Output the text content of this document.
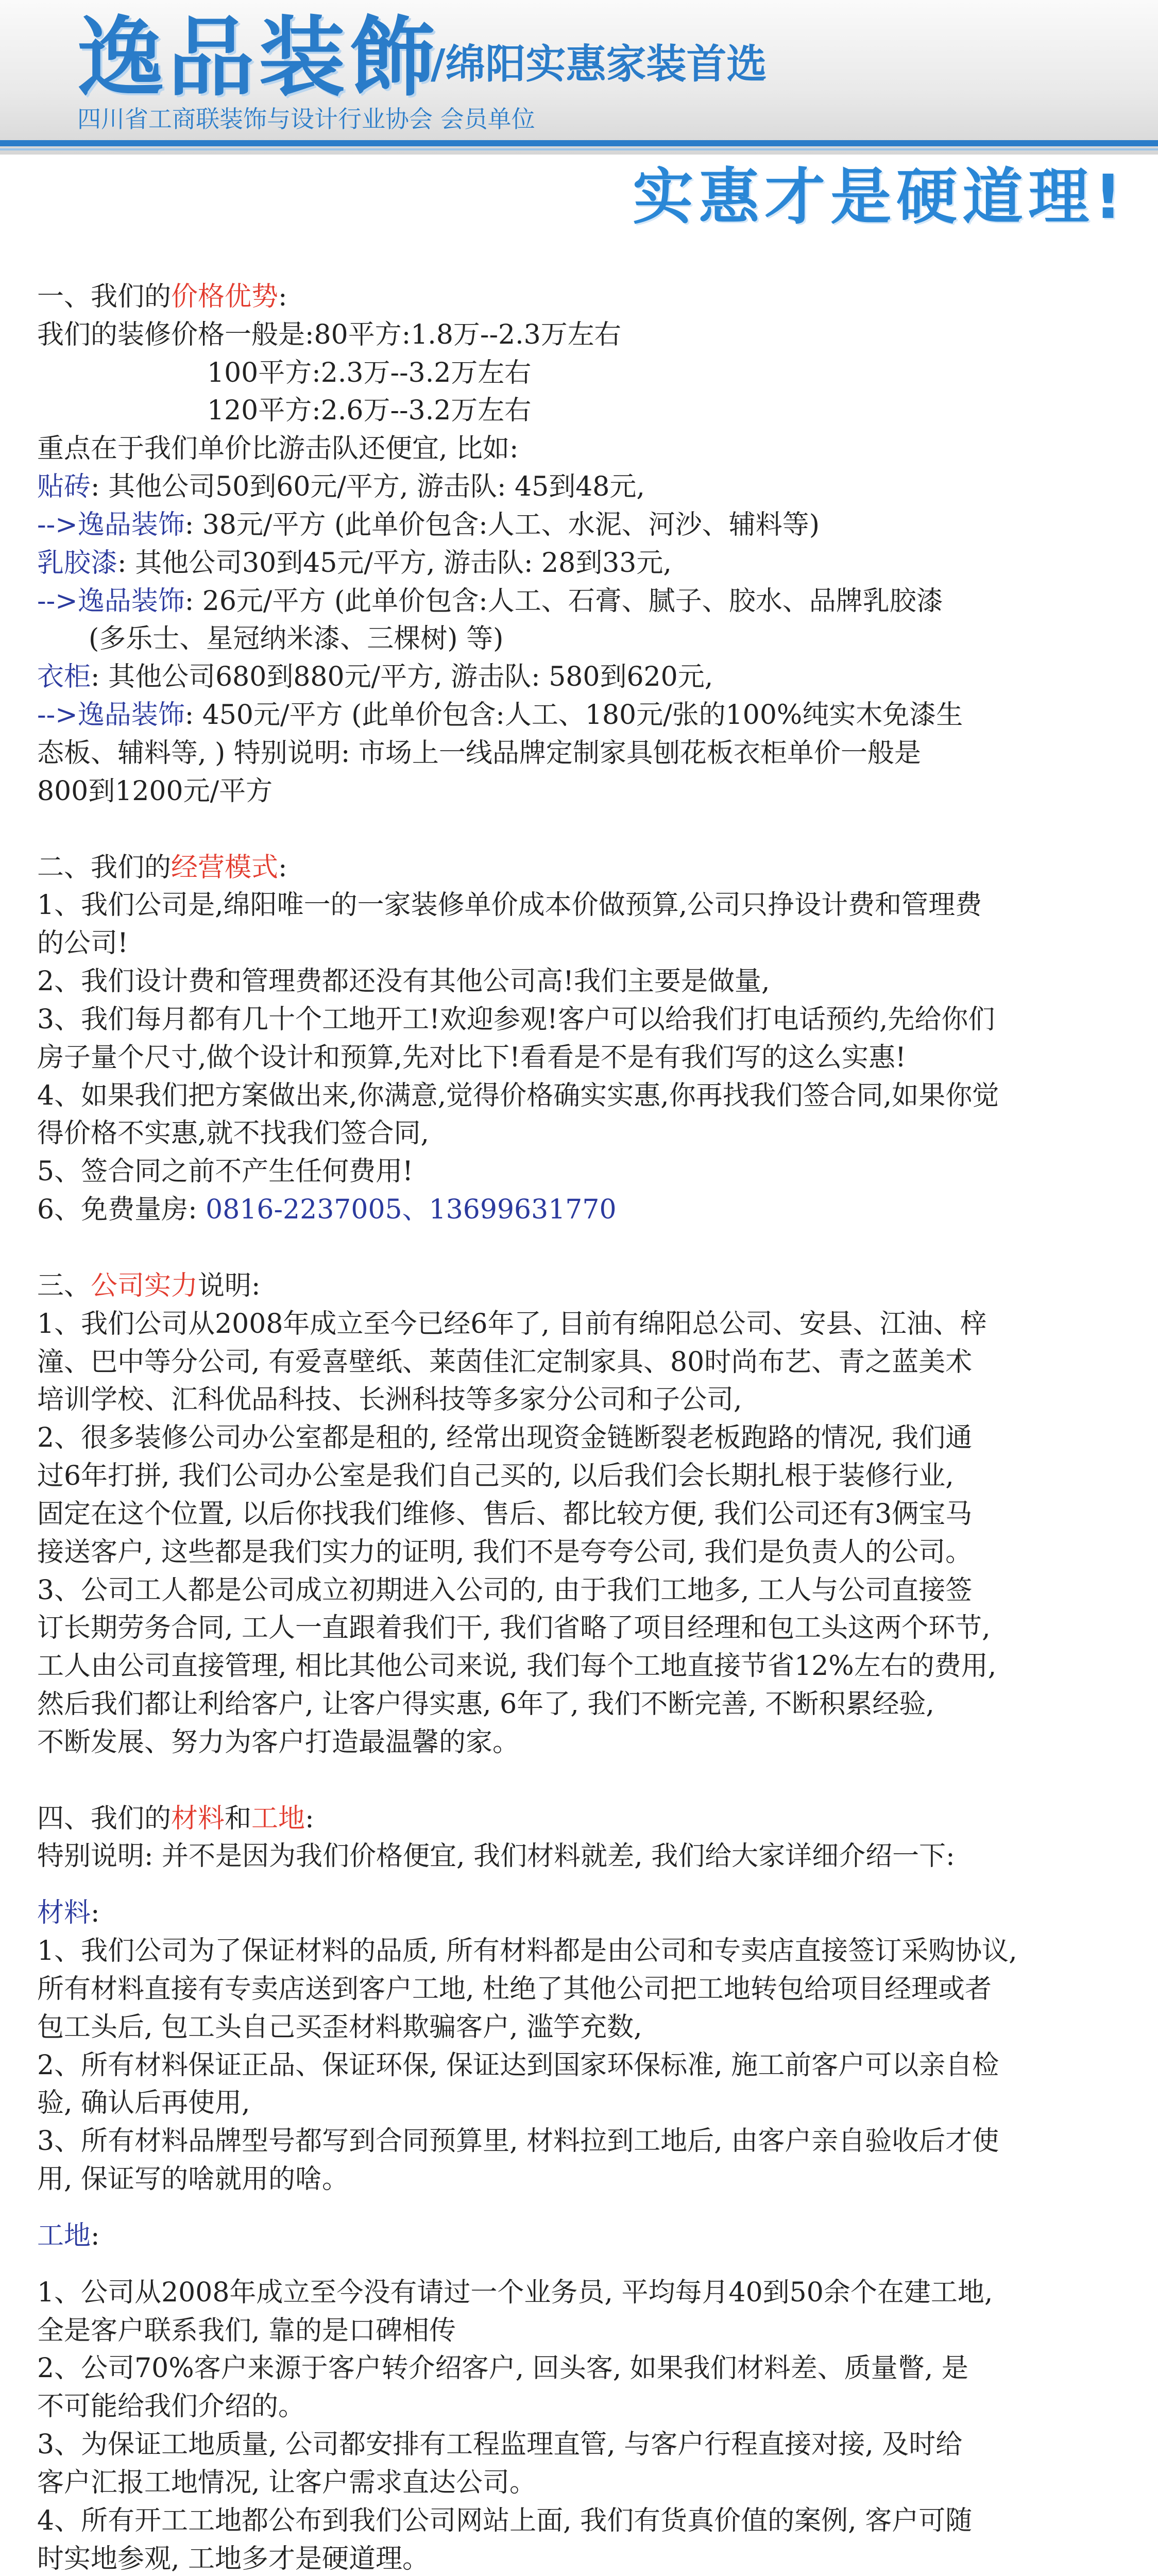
逸品装飾
/绵阳实惠家装首选
四川省工商联装饰与设计行业协会 会员单位
实惠才是硬道理!
一、我们的价格优势:
我们的装修价格一般是:80平方:1.8万--2.3万左右
100平方:2.3万--3.2万左右
120平方:2.6万--3.2万左右
重点在于我们单价比游击队还便宜, 比如:
贴砖: 其他公司50到60元/平方, 游击队: 45到48元,
-->逸品装饰: 38元/平方 (此单价包含:人工、水泥、河沙、辅料等)
乳胶漆: 其他公司30到45元/平方, 游击队: 28到33元,
-->逸品装饰: 26元/平方 (此单价包含:人工、石膏、腻子、胶水、品牌乳胶漆
(多乐士、星冠纳米漆、三棵树) 等)
衣柜: 其他公司680到880元/平方, 游击队: 580到620元,
-->逸品装饰: 450元/平方 (此单价包含:人工、180元/张的100%纯实木免漆生
态板、辅料等, ) 特别说明: 市场上一线品牌定制家具刨花板衣柜单价一般是
800到1200元/平方
二、我们的经营模式:
1、我们公司是,绵阳唯一的一家装修单价成本价做预算,公司只挣设计费和管理费
的公司!
2、我们设计费和管理费都还没有其他公司高!我们主要是做量,
3、我们每月都有几十个工地开工!欢迎参观!客户可以给我们打电话预约,先给你们
房子量个尺寸,做个设计和预算,先对比下!看看是不是有我们写的这么实惠!
4、如果我们把方案做出来,你满意,觉得价格确实实惠,你再找我们签合同,如果你觉
得价格不实惠,就不找我们签合同,
5、签合同之前不产生任何费用!
6、免费量房: 0816-2237005、13699631770
三、公司实力说明:
1、我们公司从2008年成立至今已经6年了, 目前有绵阳总公司、安县、江油、梓
潼、巴中等分公司, 有爱喜壁纸、莱茵佳汇定制家具、80时尚布艺、青之蓝美术
培训学校、汇科优品科技、长洲科技等多家分公司和子公司,
2、很多装修公司办公室都是租的, 经常出现资金链断裂老板跑路的情况, 我们通
过6年打拼, 我们公司办公室是我们自己买的, 以后我们会长期扎根于装修行业,
固定在这个位置, 以后你找我们维修、售后、都比较方便, 我们公司还有3俩宝马
接送客户, 这些都是我们实力的证明, 我们不是夸夸公司, 我们是负责人的公司。
3、公司工人都是公司成立初期进入公司的, 由于我们工地多, 工人与公司直接签
订长期劳务合同, 工人一直跟着我们干, 我们省略了项目经理和包工头这两个环节,
工人由公司直接管理, 相比其他公司来说, 我们每个工地直接节省12%左右的费用,
然后我们都让利给客户, 让客户得实惠, 6年了, 我们不断完善, 不断积累经验,
不断发展、努力为客户打造最温馨的家。
四、我们的材料和工地:
特别说明: 并不是因为我们价格便宜, 我们材料就差, 我们给大家详细介绍一下:
材料:
1、我们公司为了保证材料的品质, 所有材料都是由公司和专卖店直接签订采购协议,
所有材料直接有专卖店送到客户工地, 杜绝了其他公司把工地转包给项目经理或者
包工头后, 包工头自己买歪材料欺骗客户, 滥竽充数,
2、所有材料保证正品、保证环保, 保证达到国家环保标准, 施工前客户可以亲自检
验, 确认后再使用,
3、所有材料品牌型号都写到合同预算里, 材料拉到工地后, 由客户亲自验收后才使
用, 保证写的啥就用的啥。
工地:
1、公司从2008年成立至今没有请过一个业务员, 平均每月40到50余个在建工地,
全是客户联系我们, 靠的是口碑相传
2、公司70%客户来源于客户转介绍客户, 回头客, 如果我们材料差、质量瞥, 是
不可能给我们介绍的。
3、为保证工地质量, 公司都安排有工程监理直管, 与客户行程直接对接, 及时给
客户汇报工地情况, 让客户需求直达公司。
4、所有开工工地都公布到我们公司网站上面, 我们有货真价值的案例, 客户可随
时实地参观, 工地多才是硬道理。
